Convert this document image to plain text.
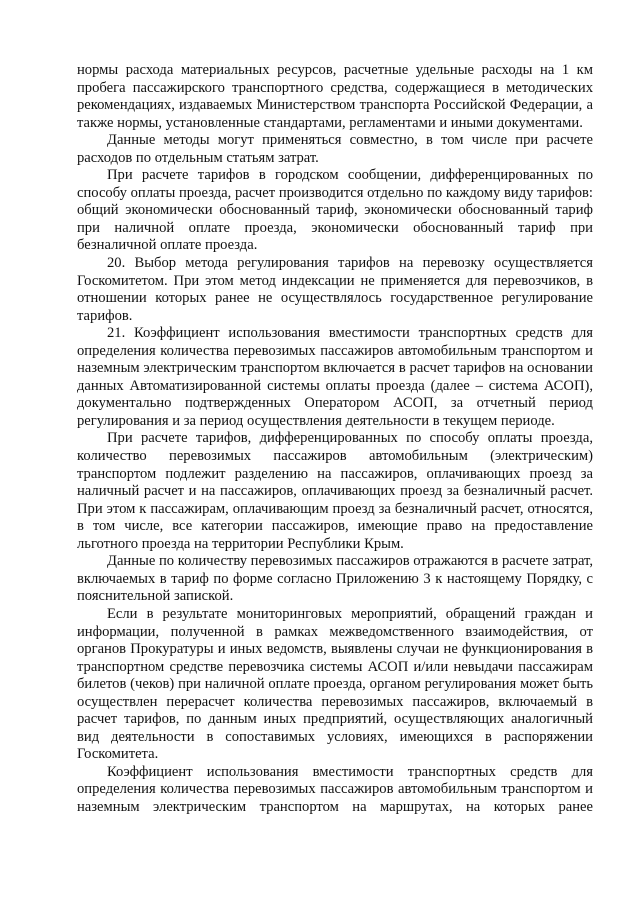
нормы расхода материальных ресурсов, расчетные удельные расходы на 1 км пробега пассажирского транспортного средства, содержащиеся в методических рекомендациях, издаваемых Министерством транспорта Российской Федерации, а также нормы, установленные стандартами, регламентами и иными документами.

Данные методы могут применяться совместно, в том числе при расчете расходов по отдельным статьям затрат.

При расчете тарифов в городском сообщении, дифференцированных по способу оплаты проезда, расчет производится отдельно по каждому виду тарифов: общий экономически обоснованный тариф, экономически обоснованный тариф при наличной оплате проезда, экономически обоснованный тариф при безналичной оплате проезда.

20. Выбор метода регулирования тарифов на перевозку осуществляется Госкомитетом. При этом метод индексации не применяется для перевозчиков, в отношении которых ранее не осуществлялось государственное регулирование тарифов.

21. Коэффициент использования вместимости транспортных средств для определения количества перевозимых пассажиров автомобильным транспортом и наземным электрическим транспортом включается в расчет тарифов на основании данных Автоматизированной системы оплаты проезда (далее – система АСОП), документально подтвержденных Оператором АСОП, за отчетный период регулирования и за период осуществления деятельности в текущем периоде.

При расчете тарифов, дифференцированных по способу оплаты проезда, количество перевозимых пассажиров автомобильным (электрическим) транспортом подлежит разделению на пассажиров, оплачивающих проезд за наличный расчет и на пассажиров, оплачивающих проезд за безналичный расчет. При этом к пассажирам, оплачивающим проезд за безналичный расчет, относятся, в том числе, все категории пассажиров, имеющие право на предоставление льготного проезда на территории Республики Крым.

Данные по количеству перевозимых пассажиров отражаются в расчете затрат, включаемых в тариф по форме согласно Приложению 3 к настоящему Порядку, с пояснительной запиской.

Если в результате мониторинговых мероприятий, обращений граждан и информации, полученной в рамках межведомственного взаимодействия, от органов Прокуратуры и иных ведомств, выявлены случаи не функционирования в транспортном средстве перевозчика системы АСОП и/или невыдачи пассажирам билетов (чеков) при наличной оплате проезда, органом регулирования может быть осуществлен перерасчет количества перевозимых пассажиров, включаемый в расчет тарифов, по данным иных предприятий, осуществляющих аналогичный вид деятельности в сопоставимых условиях, имеющихся в распоряжении Госкомитета.

Коэффициент использования вместимости транспортных средств для определения количества перевозимых пассажиров автомобильным транспортом и наземным электрическим транспортом на маршрутах, на которых ранее
